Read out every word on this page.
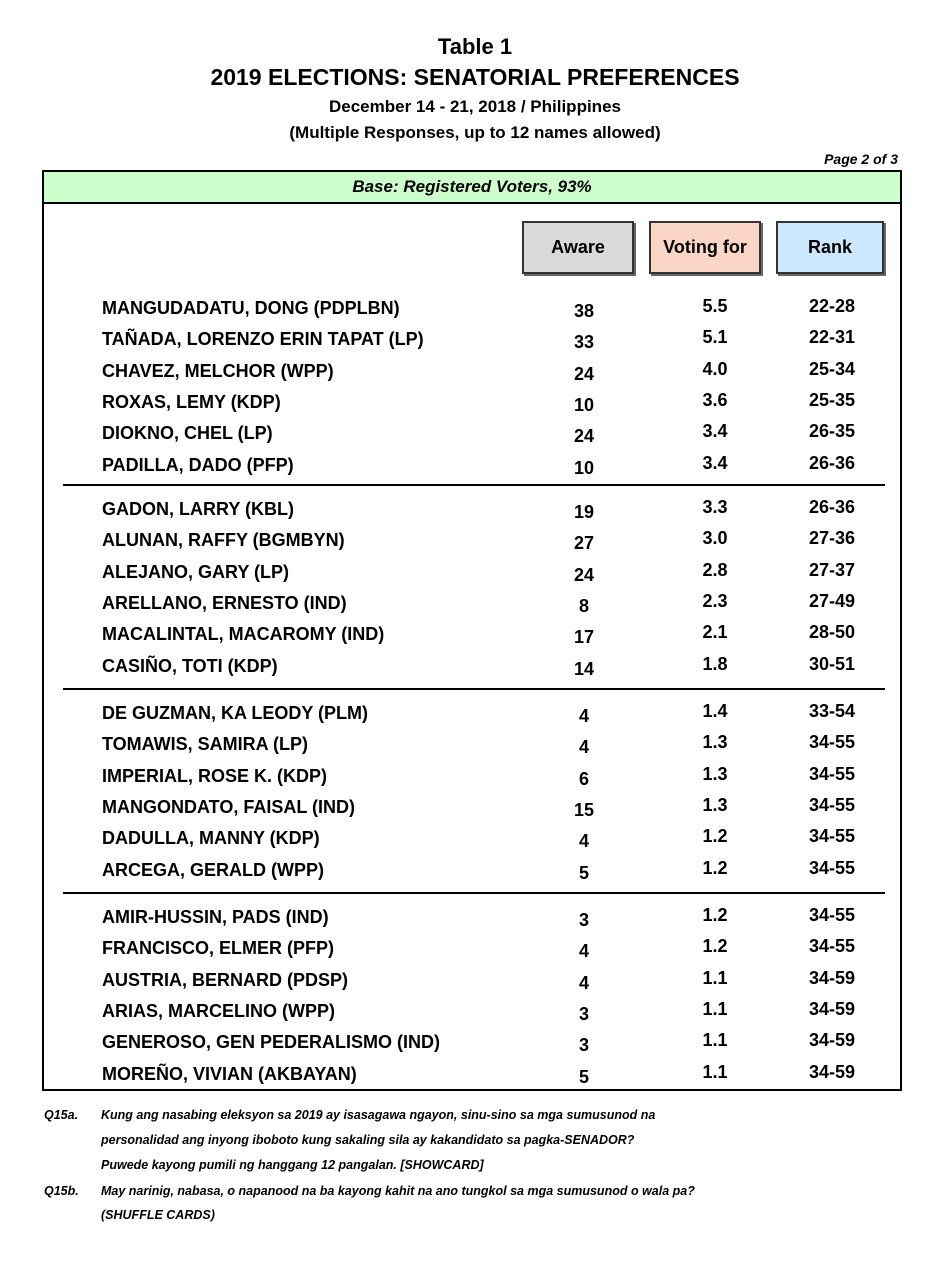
Table 1
2019 ELECTIONS: SENATORIAL PREFERENCES
December 14 - 21, 2018 / Philippines
(Multiple Responses, up to 12 names allowed)
Page 2 of 3
Base: Registered Voters, 93%
Aware	Voting for	Rank
MANGUDADATU, DONG (PDPLBN)	38	5.5	22-28
TAÑADA, LORENZO ERIN TAPAT (LP)	33	5.1	22-31
CHAVEZ, MELCHOR (WPP)	24	4.0	25-34
ROXAS, LEMY (KDP)	10	3.6	25-35
DIOKNO, CHEL (LP)	24	3.4	26-35
PADILLA, DADO (PFP)	10	3.4	26-36
GADON, LARRY (KBL)	19	3.3	26-36
ALUNAN, RAFFY (BGMBYN)	27	3.0	27-36
ALEJANO, GARY (LP)	24	2.8	27-37
ARELLANO, ERNESTO (IND)	8	2.3	27-49
MACALINTAL, MACAROMY (IND)	17	2.1	28-50
CASIÑO, TOTI (KDP)	14	1.8	30-51
DE GUZMAN, KA LEODY (PLM)	4	1.4	33-54
TOMAWIS, SAMIRA (LP)	4	1.3	34-55
IMPERIAL, ROSE K. (KDP)	6	1.3	34-55
MANGONDATO, FAISAL (IND)	15	1.3	34-55
DADULLA, MANNY (KDP)	4	1.2	34-55
ARCEGA, GERALD (WPP)	5	1.2	34-55
AMIR-HUSSIN, PADS (IND)	3	1.2	34-55
FRANCISCO, ELMER (PFP)	4	1.2	34-55
AUSTRIA, BERNARD (PDSP)	4	1.1	34-59
ARIAS, MARCELINO (WPP)	3	1.1	34-59
GENEROSO, GEN PEDERALISMO (IND)	3	1.1	34-59
MOREÑO, VIVIAN (AKBAYAN)	5	1.1	34-59
Q15a. Kung ang nasabing eleksyon sa 2019 ay isasagawa ngayon, sinu-sino sa mga sumusunod na
personalidad ang inyong iboboto kung sakaling sila ay kakandidato sa pagka-SENADOR?
Puwede kayong pumili ng hanggang 12 pangalan. [SHOWCARD]
Q15b. May narinig, nabasa, o napanood na ba kayong kahit na ano tungkol sa mga sumusunod o wala pa?
(SHUFFLE CARDS)
